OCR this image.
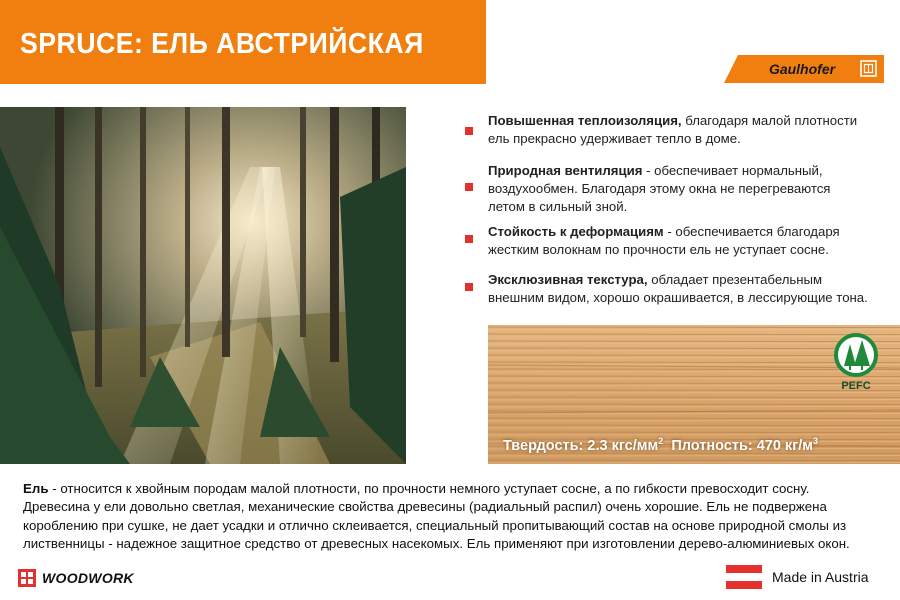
SPRUCE: ЕЛЬ АВСТРИЙСКАЯ
Gaulhofer
Повышенная теплоизоляция, благодаря малой плотности
ель прекрасно удерживает тепло в доме.
Природная вентиляция - обеспечивает нормальный,
воздухообмен. Благодаря этому окна не перегреваются
летом в сильный зной.
Стойкость к деформациям - обеспечивается благодаря
жестким волокнам по прочности ель не уступает сосне.
Эксклюзивная текстура, обладает презентабельным
внешним видом, хорошо окрашивается, в лессирующие тона.
PEFC
Твердость: 2.3 кгс/$мм^2$ Плотность: 470 $кг/м^3$
Ель - относится к хвойным породам малой плотности, по прочности немного уступает сосне, а по гибкости превосходит сосну.
Древесина у ели довольно светлая, механические свойства древесины (радиальный распил) очень хорошие. Ель не подвержена
короблению при сушке, не дает усадки и отлично склеивается, специальный пропитывающий состав на основе природной смолы из
лиственницы - надежное защитное средство от древесных насекомых. Ель применяют при изготовлении дерево-алюминиевых окон.
WOODWORK	Made in Austria
